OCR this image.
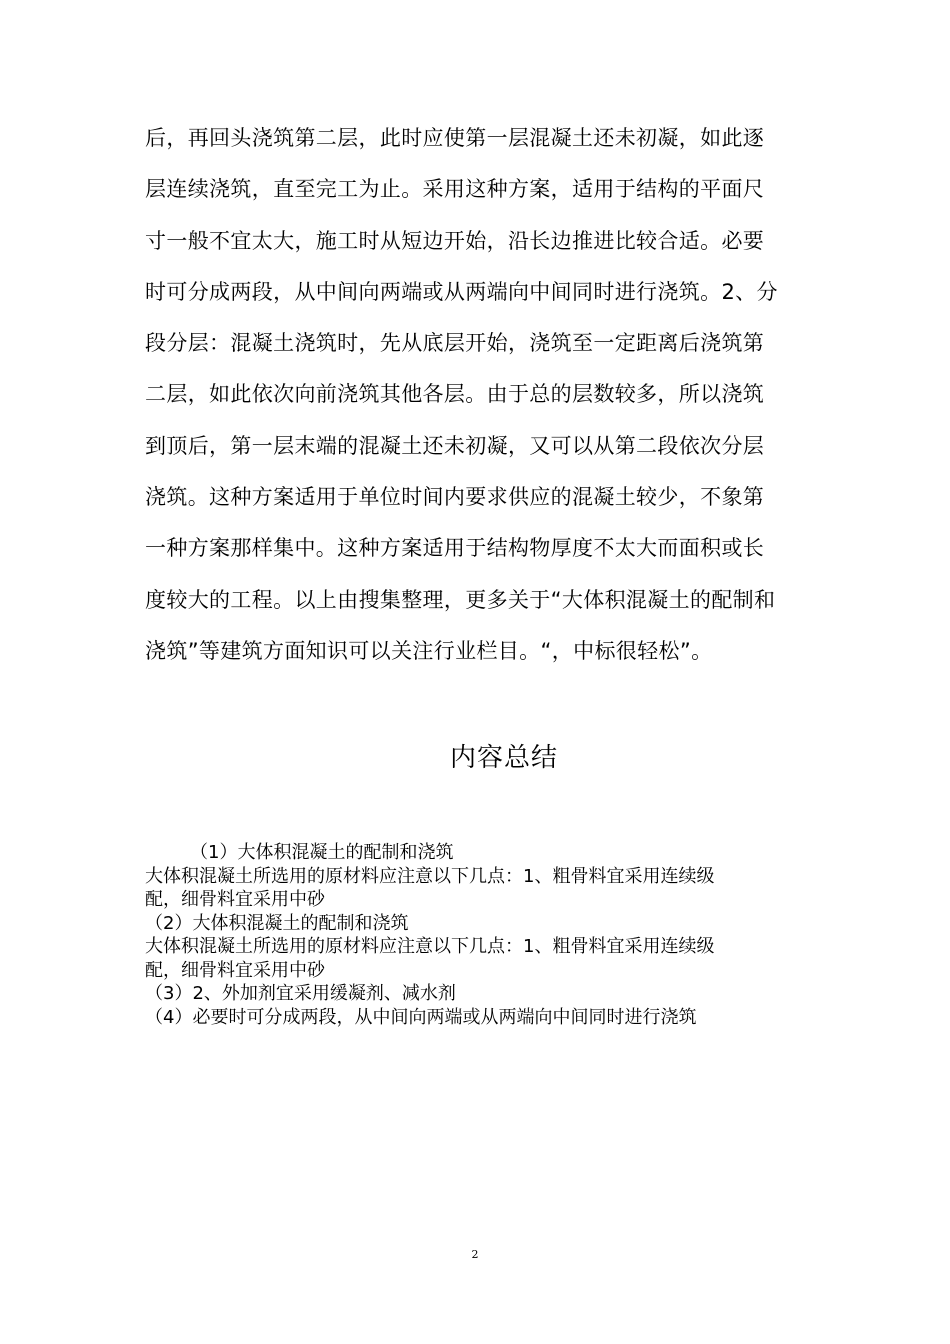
后，再回头浇筑第二层，此时应使第一层混凝土还未初凝，如此逐
层连续浇筑，直至完工为止。采用这种方案，适用于结构的平面尺
寸一般不宜太大，施工时从短边开始，沿长边推进比较合适。必要
时可分成两段，从中间向两端或从两端向中间同时进行浇筑。2、分
段分层：混凝土浇筑时，先从底层开始，浇筑至一定距离后浇筑第
二层，如此依次向前浇筑其他各层。由于总的层数较多，所以浇筑
到顶后，第一层末端的混凝土还未初凝，又可以从第二段依次分层
浇筑。这种方案适用于单位时间内要求供应的混凝土较少，不象第
一种方案那样集中。这种方案适用于结构物厚度不太大而面积或长
度较大的工程。以上由搜集整理，更多关于“大体积混凝土的配制和
浇筑”等建筑方面知识可以关注行业栏目。“，中标很轻松”。
内容总结
（1）大体积混凝土的配制和浇筑
大体积混凝土所选用的原材料应注意以下几点：1、粗骨料宜采用连续级
配，细骨料宜采用中砂
（2）大体积混凝土的配制和浇筑
大体积混凝土所选用的原材料应注意以下几点：1、粗骨料宜采用连续级
配，细骨料宜采用中砂
（3）2、外加剂宜采用缓凝剂、减水剂
（4）必要时可分成两段，从中间向两端或从两端向中间同时进行浇筑
2
